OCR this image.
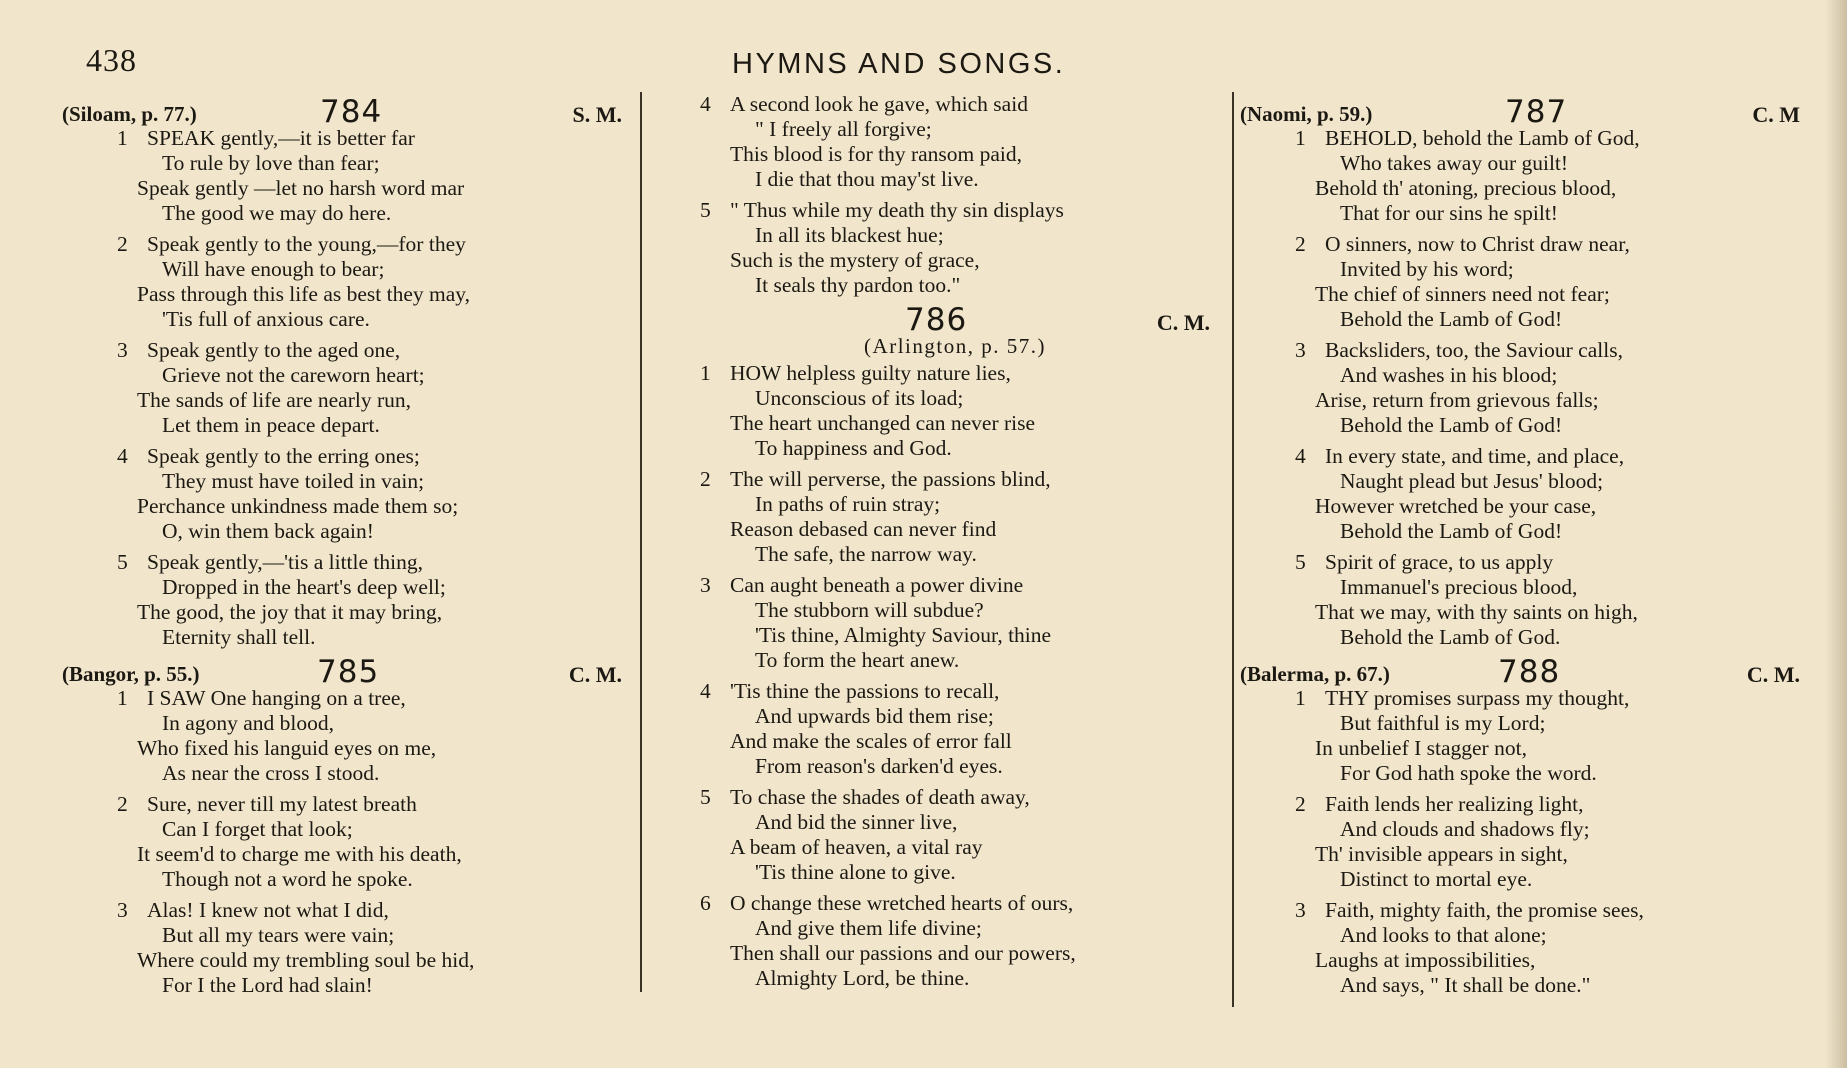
438	HYMNS AND SONGS.
(Siloam, p. 77.)	784	S. M.
1 SPEAK gently,—it is better far
To rule by love than fear;
Speak gently —let no harsh word mar
The good we may do here.
2 Speak gently to the young,—for they
Will have enough to bear;
Pass through this life as best they may,
'Tis full of anxious care.
3 Speak gently to the aged one,
Grieve not the careworn heart;
The sands of life are nearly run,
Let them in peace depart.
4 Speak gently to the erring ones;
They must have toiled in vain;
Perchance unkindness made them so;
O, win them back again!
5 Speak gently,—'tis a little thing,
Dropped in the heart's deep well;
The good, the joy that it may bring,
Eternity shall tell.
(Bangor, p. 55.)	785	C. M.
1 I SAW One hanging on a tree,
In agony and blood,
Who fixed his languid eyes on me,
As near the cross I stood.
2 Sure, never till my latest breath
Can I forget that look;
It seem'd to charge me with his death,
Though not a word he spoke.
3 Alas! I knew not what I did,
But all my tears were vain;
Where could my trembling soul be hid,
For I the Lord had slain!
4 A second look he gave, which said
" I freely all forgive;
This blood is for thy ransom paid,
I die that thou may'st live.
5 " Thus while my death thy sin displays
In all its blackest hue;
Such is the mystery of grace,
It seals thy pardon too."
786	C. M.
(Arlington, p. 57.)
1 HOW helpless guilty nature lies,
Unconscious of its load;
The heart unchanged can never rise
To happiness and God.
2 The will perverse, the passions blind,
In paths of ruin stray;
Reason debased can never find
The safe, the narrow way.
3 Can aught beneath a power divine
The stubborn will subdue?
'Tis thine, Almighty Saviour, thine
To form the heart anew.
4 'Tis thine the passions to recall,
And upwards bid them rise;
And make the scales of error fall
From reason's darken'd eyes.
5 To chase the shades of death away,
And bid the sinner live,
A beam of heaven, a vital ray
'Tis thine alone to give.
6 O change these wretched hearts of ours,
And give them life divine;
Then shall our passions and our powers,
Almighty Lord, be thine.
(Naomi, p. 59.)	787	C. M
1 BEHOLD, behold the Lamb of God,
Who takes away our guilt!
Behold th' atoning, precious blood,
That for our sins he spilt!
2 O sinners, now to Christ draw near,
Invited by his word;
The chief of sinners need not fear;
Behold the Lamb of God!
3 Backsliders, too, the Saviour calls,
And washes in his blood;
Arise, return from grievous falls;
Behold the Lamb of God!
4 In every state, and time, and place,
Naught plead but Jesus' blood;
However wretched be your case,
Behold the Lamb of God!
5 Spirit of grace, to us apply
Immanuel's precious blood,
That we may, with thy saints on high,
Behold the Lamb of God.
(Balerma, p. 67.)	788	C. M.
1 THY promises surpass my thought,
But faithful is my Lord;
In unbelief I stagger not,
For God hath spoke the word.
2 Faith lends her realizing light,
And clouds and shadows fly;
Th' invisible appears in sight,
Distinct to mortal eye.
3 Faith, mighty faith, the promise sees,
And looks to that alone;
Laughs at impossibilities,
And says, " It shall be done."
